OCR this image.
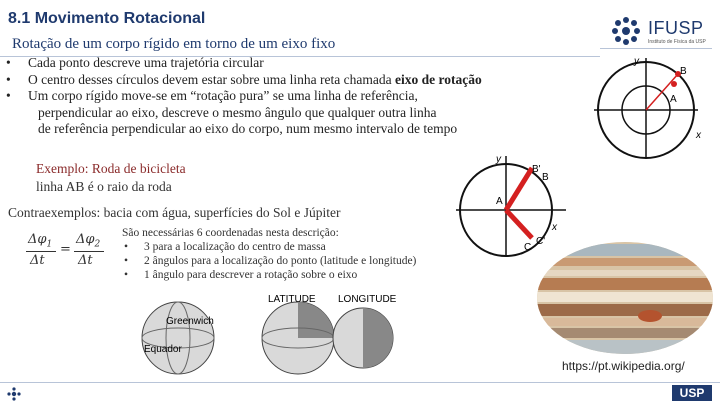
8.1 Movimento Rotacional
Rotação de um corpo rígido em torno de um eixo fixo
IFUSP
Instituto de Física da USP
•	Cada ponto descreve uma trajetória circular
•	O centro desses círculos devem estar sobre uma linha reta chamada eixo de rotação
•	Um corpo rígido move-se em “rotação pura” se uma linha de referência,
perpendicular ao eixo, descreve o mesmo ângulo que qualquer outra linha
de referência perpendicular ao eixo do corpo, num mesmo intervalo de tempo
Exemplo: Roda de bicicleta
linha AB é o raio da roda
Contraexemplos: bacia com água, superfícies do Sol e Júpiter
$\Delta\varphi_1$
Δt
=
$\Delta\varphi_2$
Δt
São necessárias 6 coordenadas nesta descrição:
•	3 para a localização do centro de massa
•	2 ângulos para a localização do ponto (latitude e longitude)
•	1 ângulo para descrever a rotação sobre o eixo
y
x
A
B
y
x
A
B'
B
C
C'
LATITUDE LONGITUDE
Greenwich
Equador
https://pt.wikipedia.org/
USP
